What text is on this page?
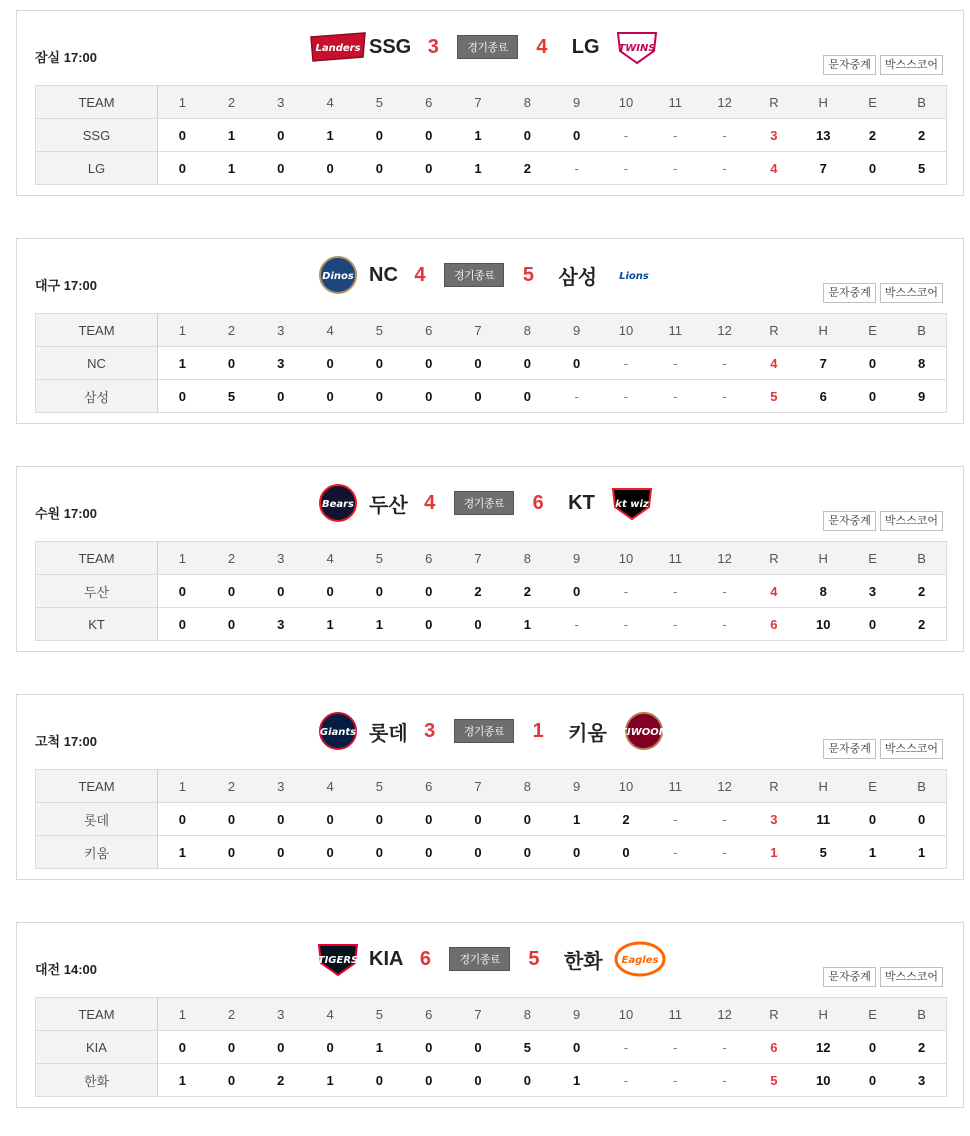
잠실 17:00
Landers SSG 3	경기종료	4	LG TWINS
문자중계	박스스코어
TEAM	1	2	3	4	5	6	7	8	9	10	11	12	R	H	E	B
SSG	0	1	0	1	0	0	1	0	0	-	-	-	3	13	2	2
LG	0	1	0	0	0	0	1	2	-	-	-	-	4	7	0	5
대구 17:00
Dinos NC 4	경기종료	5	삼성 Lions
문자중계	박스스코어
TEAM	1	2	3	4	5	6	7	8	9	10	11	12	R	H	E	B
NC	1	0	3	0	0	0	0	0	0	-	-	-	4	7	0	8
삼성	0	5	0	0	0	0	0	0	-	-	-	-	5	6	0	9
수원 17:00
Bears 두산 4	경기종료	6	KT kt wiz
문자중계	박스스코어
TEAM	1	2	3	4	5	6	7	8	9	10	11	12	R	H	E	B
두산	0	0	0	0	0	0	2	2	0	-	-	-	4	8	3	2
KT	0	0	3	1	1	0	0	1	-	-	-	-	6	10	0	2
고척 17:00
Giants 롯데 3	경기종료	1	키움 KIWOOM
문자중계	박스스코어
TEAM	1	2	3	4	5	6	7	8	9	10	11	12	R	H	E	B
롯데	0	0	0	0	0	0	0	0	1	2	-	-	3	11	0	0
키움	1	0	0	0	0	0	0	0	0	0	-	-	1	5	1	1
대전 14:00
TIGERS KIA 6	경기종료	5	한화 Eagles
문자중계	박스스코어
TEAM	1	2	3	4	5	6	7	8	9	10	11	12	R	H	E	B
KIA	0	0	0	0	1	0	0	5	0	-	-	-	6	12	0	2
한화	1	0	2	1	0	0	0	0	1	-	-	-	5	10	0	3
